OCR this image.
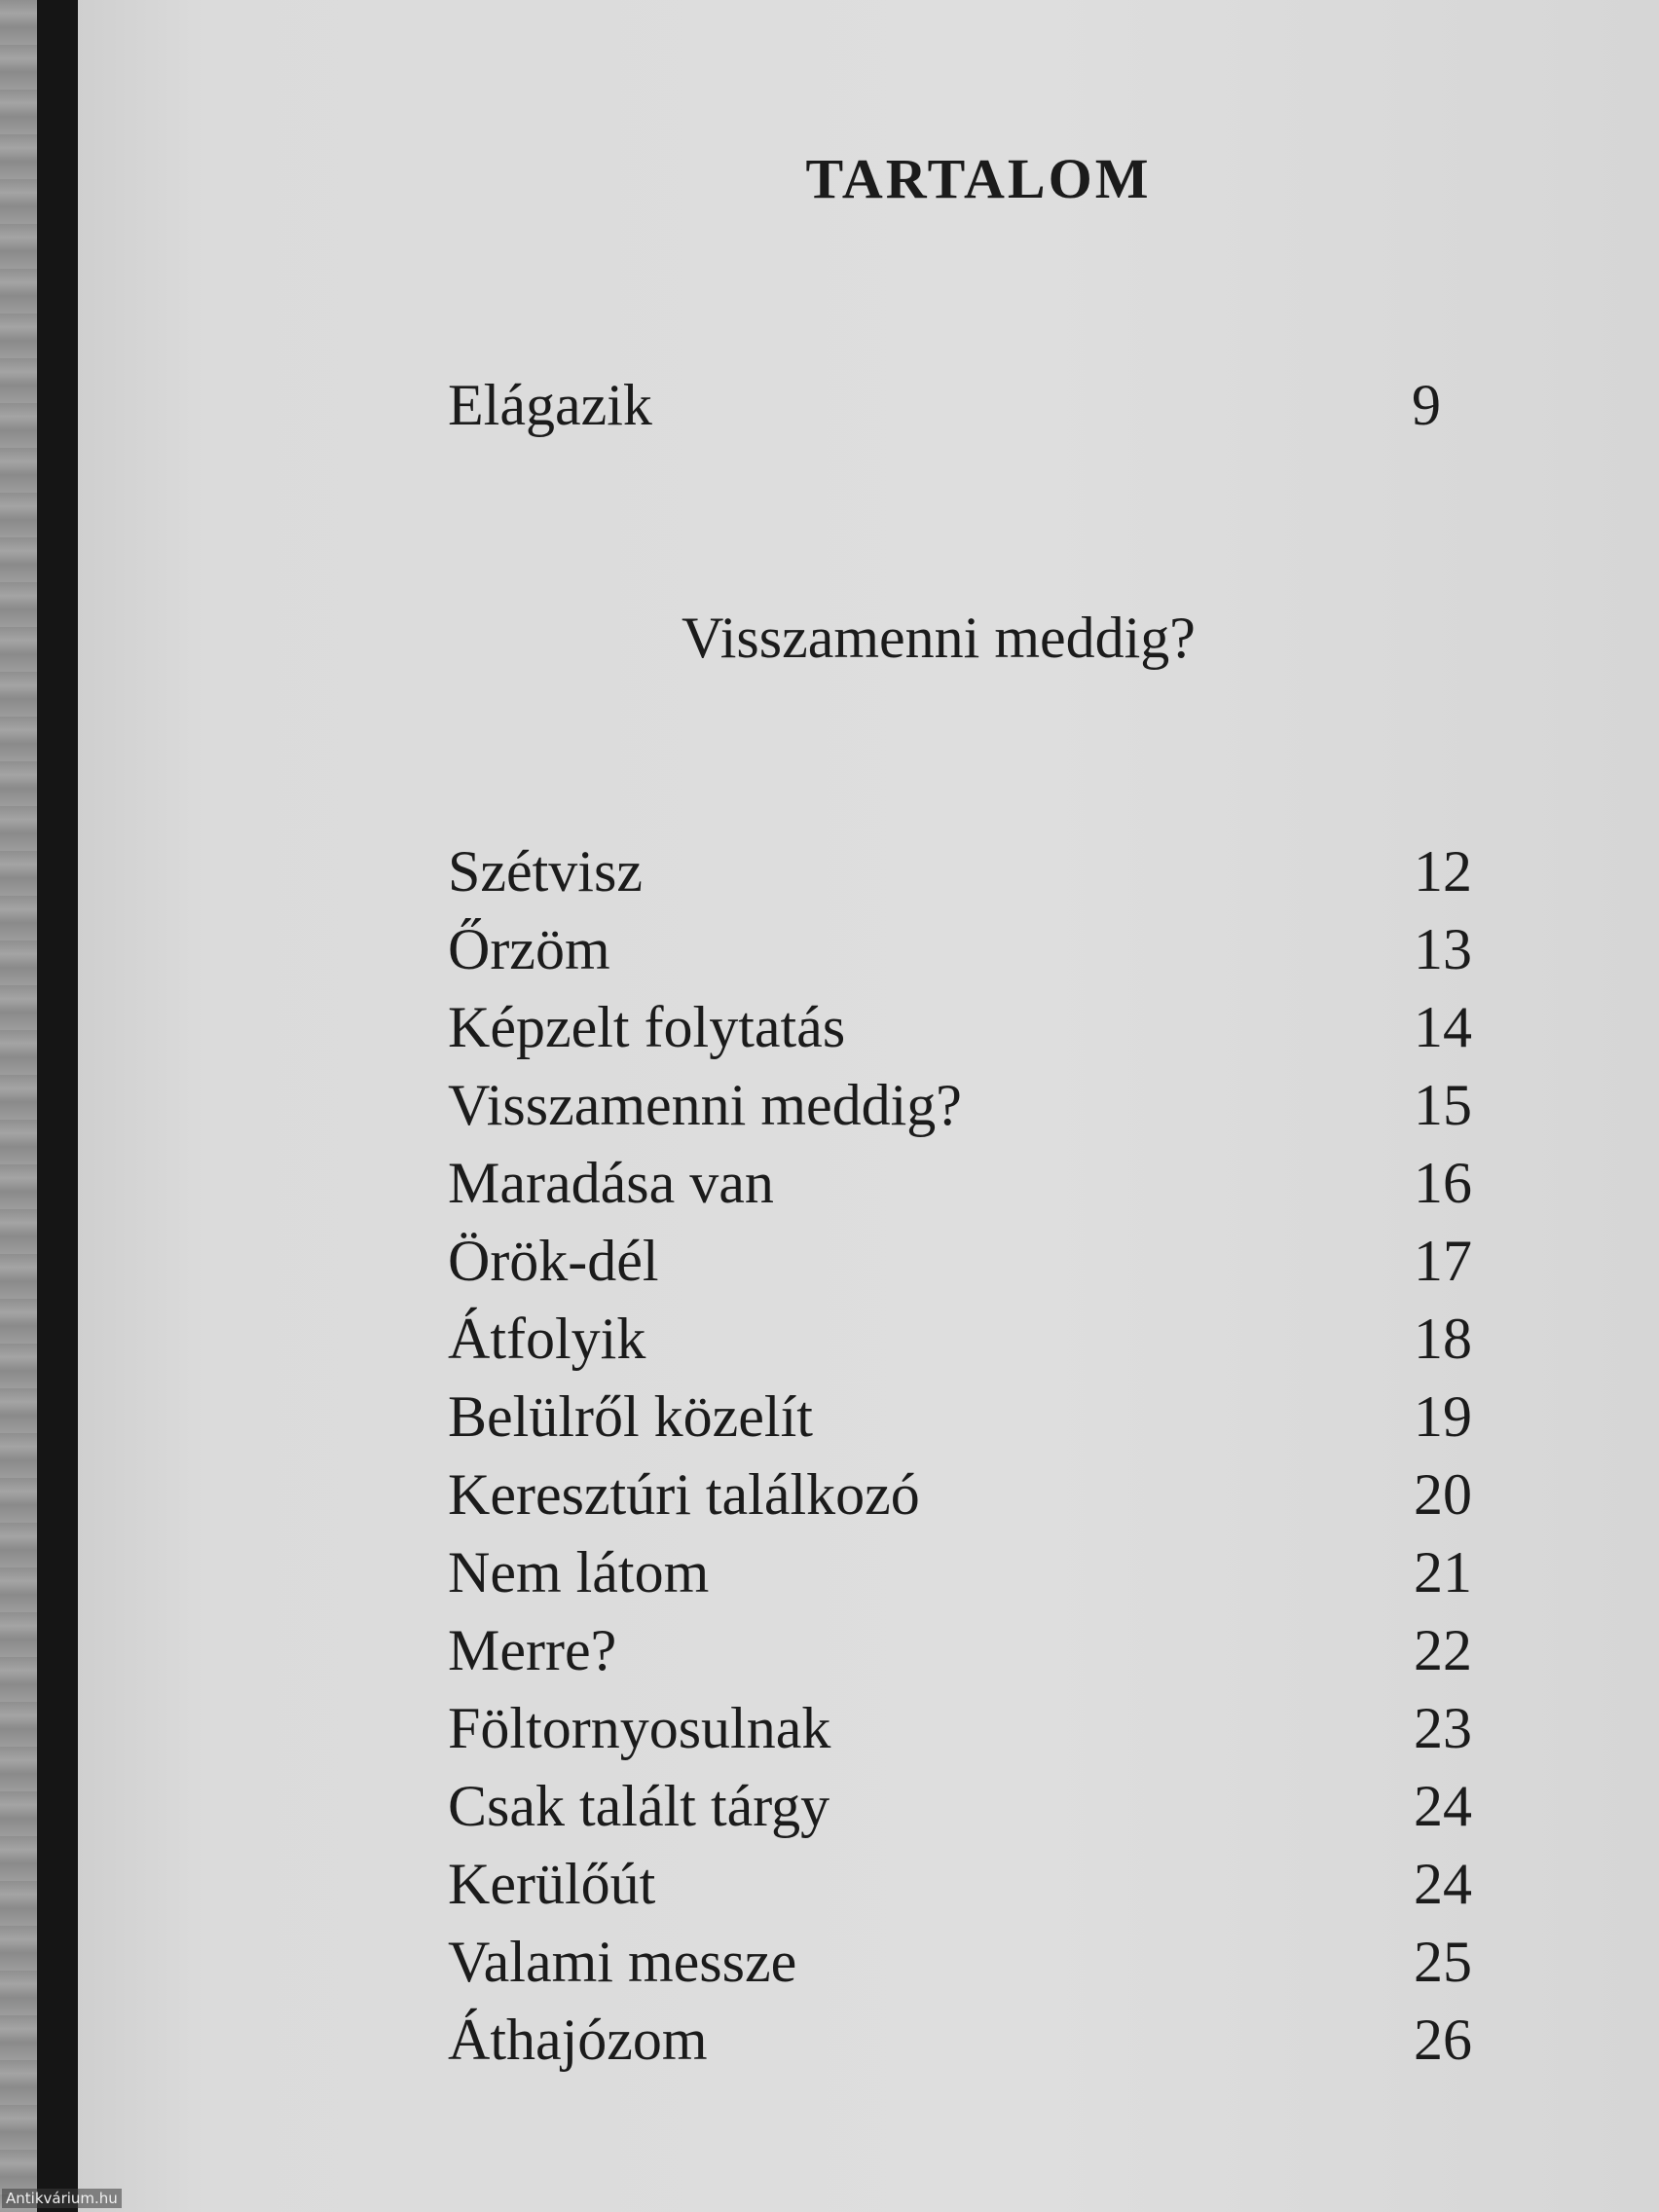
TARTALOM
Elágazik	9
Visszamenni meddig?
Szétvisz	12
Őrzöm	13
Képzelt folytatás	14
Visszamenni meddig?	15
Maradása van	16
Örök-dél	17
Átfolyik	18
Belülről közelít	19
Keresztúri találkozó	20
Nem látom	21
Merre?	22
Föltornyosulnak	23
Csak talált tárgy	24
Kerülőút	24
Valami messze	25
Áthajózom	26
Antikvárium.hu
